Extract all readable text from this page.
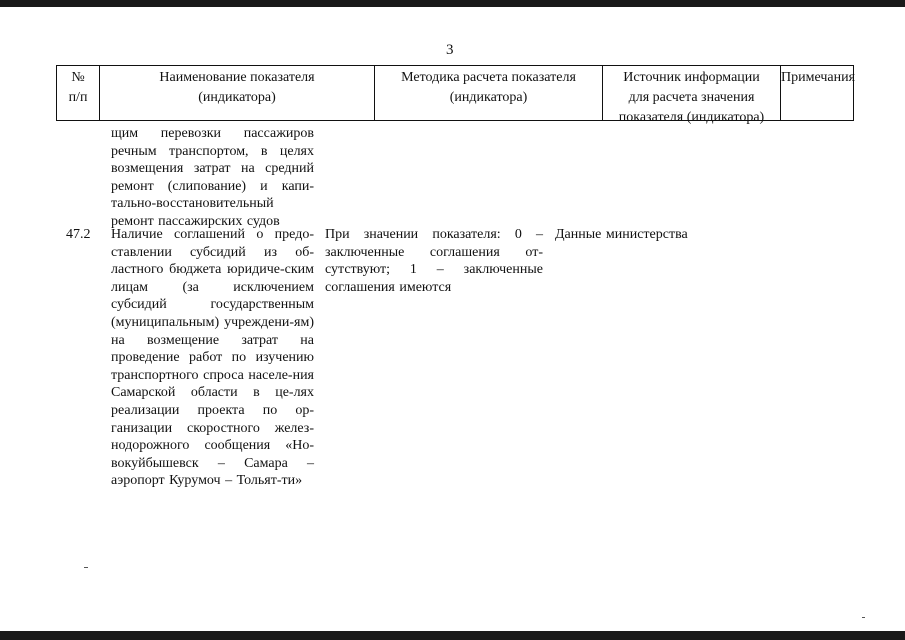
3
№
п/п
Наименование показателя
(индикатора)
Методика расчета показателя
(индикатора)
Источник информации
для расчета значения
показателя (индикатора)
Примечания
щим перевозки пассажиров речным транспортом, в целях возмещения затрат на средний ремонт (слипование) и капи-тально-восстановительный ремонт пассажирских судов
47.2 Наличие соглашений о предо-ставлении субсидий из об-ластного бюджета юридиче-ским лицам (за исключением субсидий государственным (муниципальным) учреждени-ям) на возмещение затрат на проведение работ по изучению транспортного спроса населе-ния Самарской области в це-лях реализации проекта по ор-ганизации скоростного желез-нодорожного сообщения «Но-вокуйбышевск – Самара – аэропорт Курумоч – Тольят-ти»
При значении показателя: 0 – заключенные соглашения от-сутствуют; 1 – заключенные соглашения имеются
Данные министерства
